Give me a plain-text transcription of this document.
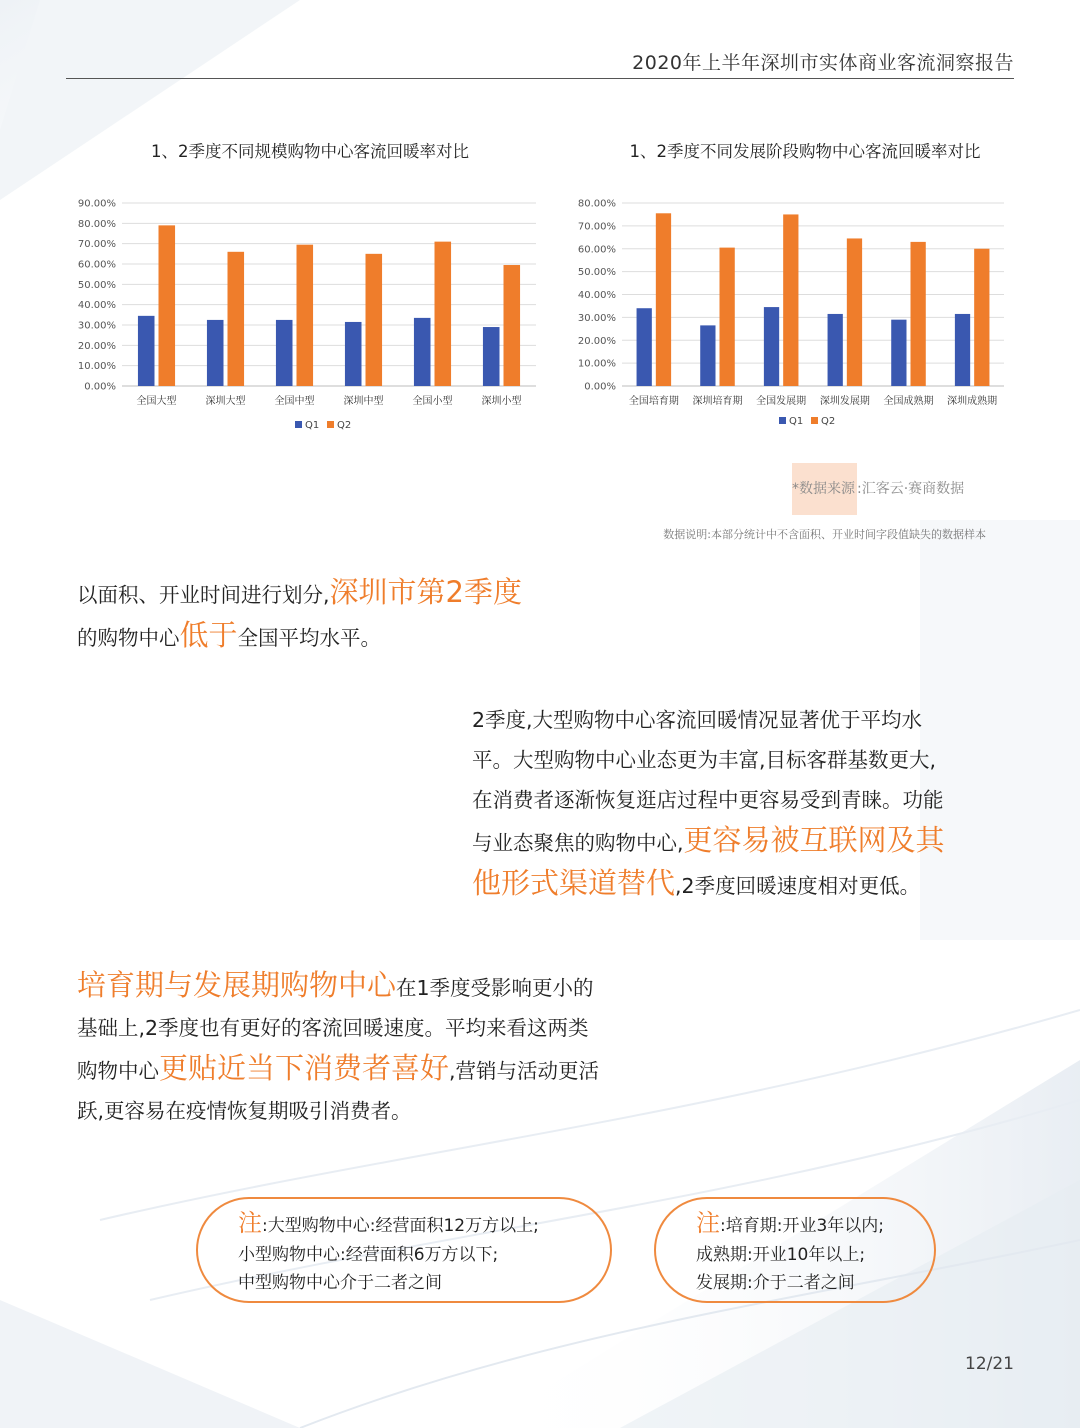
2020年上半年深圳市实体商业客流洞察报告
1、2季度不同规模购物中心客流回暖率对比
0.00%
10.00%
20.00%
30.00%
40.00%
50.00%
60.00%
70.00%
80.00%
90.00%
全国大型	深圳大型	全国中型	深圳中型	全国小型	深圳小型
Q1 Q2
1、2季度不同发展阶段购物中心客流回暖率对比
0.00%
10.00%
20.00%
30.00%
40.00%
50.00%
60.00%
70.00%
80.00%
全国培育期 深圳培育期 全国发展期 深圳发展期 全国成熟期 深圳成熟期
Q1 Q2
*数据来源 :汇客云·赛商数据
数据说明:本部分统计中不含面积、开业时间字段值缺失的数据样本
以面积、开业时间进行划分,深圳市第2季度
的购物中心低于全国平均水平。
2季度,大型购物中心客流回暖情况显著优于平均水
平。大型购物中心业态更为丰富,目标客群基数更大,
在消费者逐渐恢复逛店过程中更容易受到青睐。功能
与业态聚焦的购物中心,更容易被互联网及其
他形式渠道替代,2季度回暖速度相对更低。
培育期与发展期购物中心在1季度受影响更小的
基础上,2季度也有更好的客流回暖速度。平均来看这两类
购物中心更贴近当下消费者喜好,营销与活动更活
跃,更容易在疫情恢复期吸引消费者。
注:大型购物中心:经营面积12万方以上;
小型购物中心:经营面积6万方以下;
中型购物中心介于二者之间
注:培育期:开业3年以内;
成熟期:开业10年以上;
发展期:介于二者之间
12/21
